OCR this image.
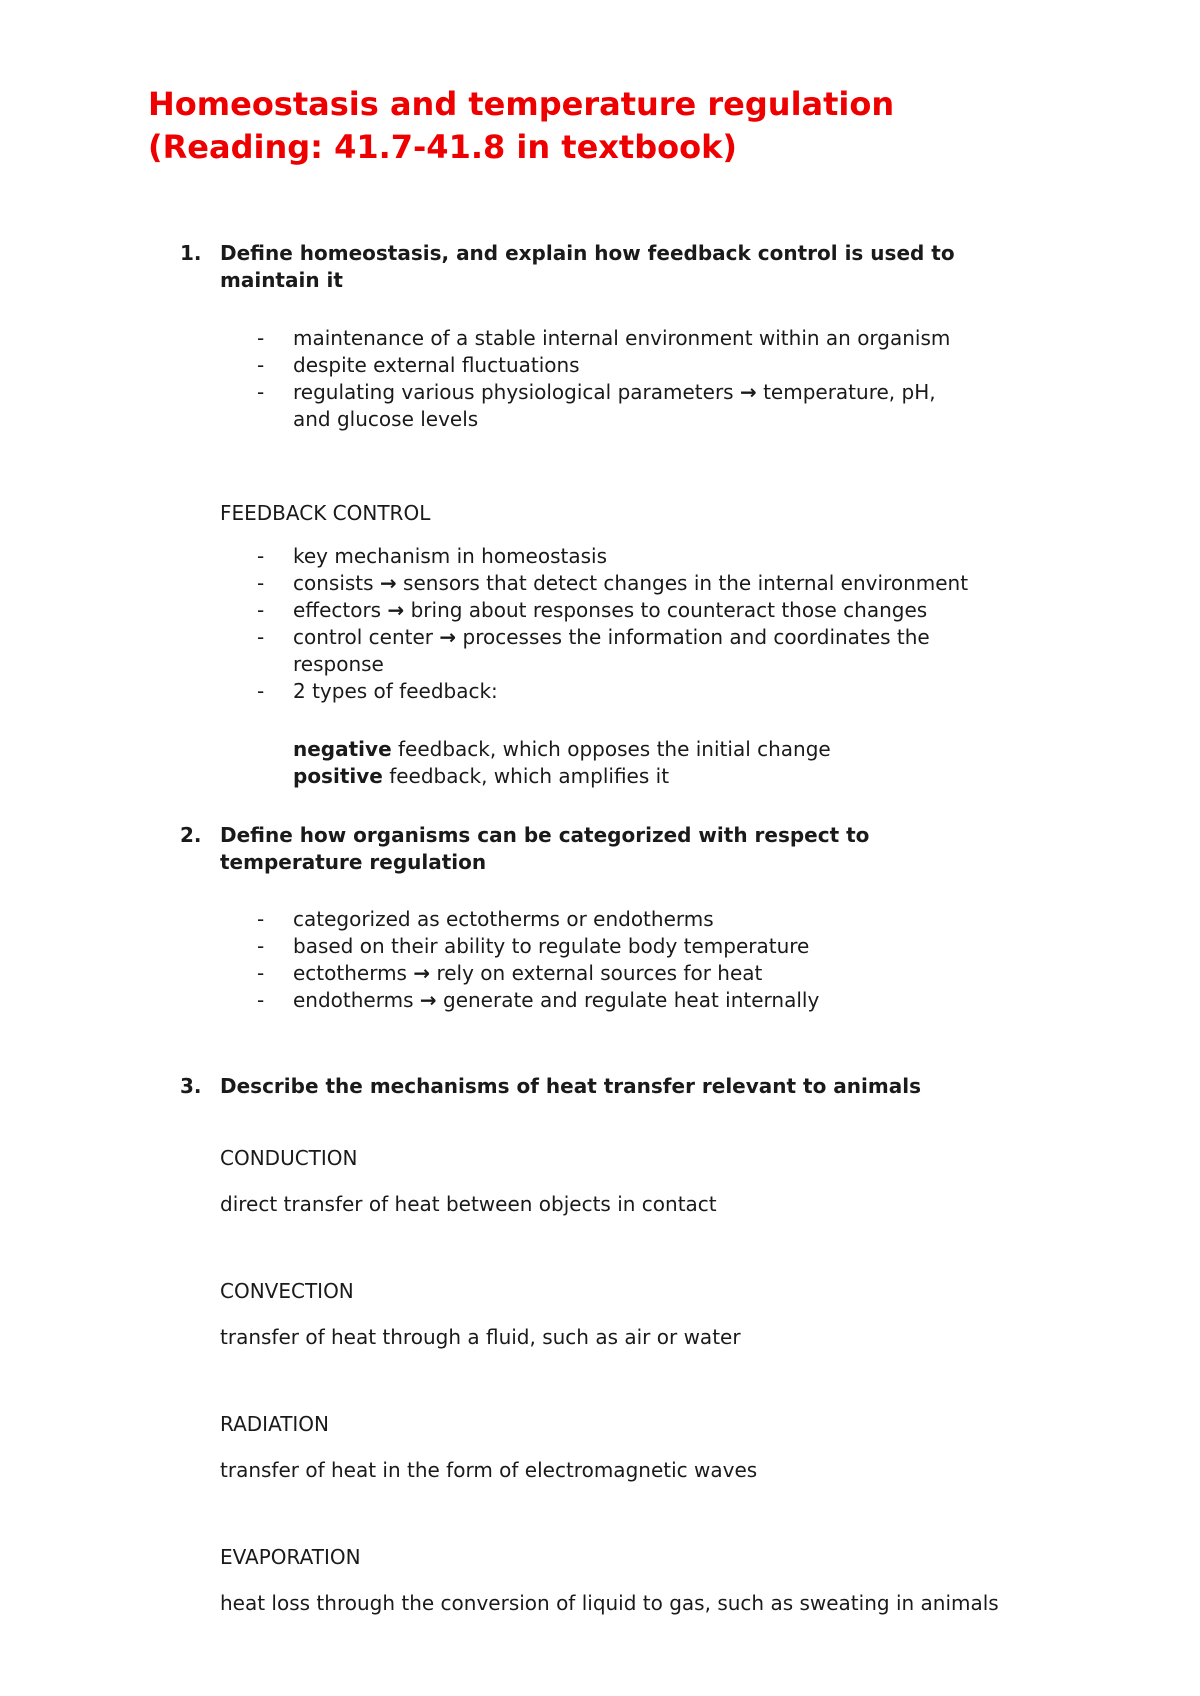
Homeostasis and temperature regulation
(Reading: 41.7-41.8 in textbook)
1. Define homeostasis, and explain how feedback control is used to
maintain it
- maintenance of a stable internal environment within an organism
- despite external fluctuations
- regulating various physiological parameters → temperature, pH,
and glucose levels
FEEDBACK CONTROL
- key mechanism in homeostasis
- consists → sensors that detect changes in the internal environment
- effectors → bring about responses to counteract those changes
- control center → processes the information and coordinates the
response
- 2 types of feedback:
negative feedback, which opposes the initial change
positive feedback, which amplifies it
2. Define how organisms can be categorized with respect to
temperature regulation
- categorized as ectotherms or endotherms
- based on their ability to regulate body temperature
- ectotherms → rely on external sources for heat
- endotherms → generate and regulate heat internally
3. Describe the mechanisms of heat transfer relevant to animals
CONDUCTION
direct transfer of heat between objects in contact
CONVECTION
transfer of heat through a fluid, such as air or water
RADIATION
transfer of heat in the form of electromagnetic waves
EVAPORATION
heat loss through the conversion of liquid to gas, such as sweating in animals
